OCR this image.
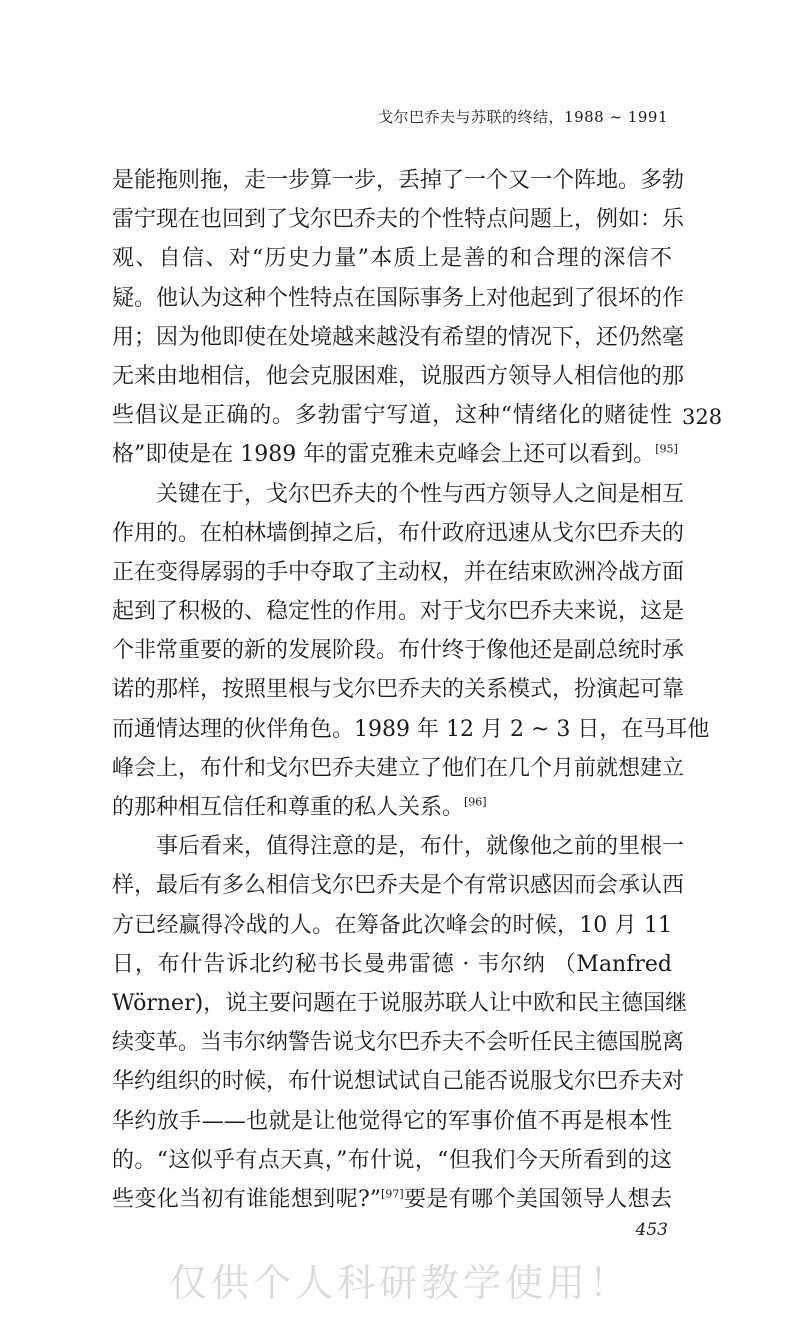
戈尔巴乔夫与苏联的终结，1988 ~ 1991
是能拖则拖，走一步算一步，丢掉了一个又一个阵地。多勃
雷宁现在也回到了戈尔巴乔夫的个性特点问题上，例如：乐
观、自信、对“历史力量”本质上是善的和合理的深信不
疑。他认为这种个性特点在国际事务上对他起到了很坏的作
用；因为他即使在处境越来越没有希望的情况下，还仍然毫
无来由地相信，他会克服困难，说服西方领导人相信他的那
些倡议是正确的。多勃雷宁写道，这种“情绪化的赌徒性
格”即使是在 1989 年的雷克雅未克峰会上还可以看到。[95]
关键在于，戈尔巴乔夫的个性与西方领导人之间是相互
作用的。在柏林墙倒掉之后，布什政府迅速从戈尔巴乔夫的
正在变得孱弱的手中夺取了主动权，并在结束欧洲冷战方面
起到了积极的、稳定性的作用。对于戈尔巴乔夫来说，这是
个非常重要的新的发展阶段。布什终于像他还是副总统时承
诺的那样，按照里根与戈尔巴乔夫的关系模式，扮演起可靠
而通情达理的伙伴角色。1989 年 12 月 2 ~ 3 日，在马耳他
峰会上，布什和戈尔巴乔夫建立了他们在几个月前就想建立
的那种相互信任和尊重的私人关系。[96]
事后看来，值得注意的是，布什，就像他之前的里根一
样，最后有多么相信戈尔巴乔夫是个有常识感因而会承认西
方已经赢得冷战的人。在筹备此次峰会的时候，10 月 11
日，布什告诉北约秘书长曼弗雷德 · 韦尔纳 （Manfred
Wörner)，说主要问题在于说服苏联人让中欧和民主德国继
续变革。当韦尔纳警告说戈尔巴乔夫不会听任民主德国脱离
华约组织的时候，布什说想试试自己能否说服戈尔巴乔夫对
华约放手——也就是让他觉得它的军事价值不再是根本性
的。“这似乎有点天真，”布什说，“但我们今天所看到的这
些变化当初有谁能想到呢?”[97]要是有哪个美国领导人想去
328
453
仅供个人科研教学使用！
